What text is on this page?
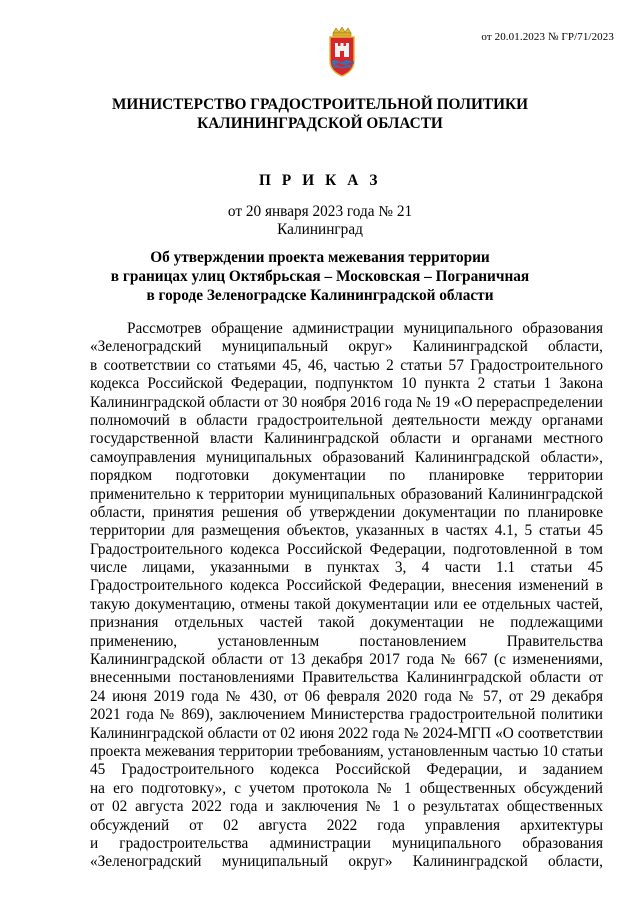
от 20.01.2023 № ГР/71/2023
МИНИСТЕРСТВО ГРАДОСТРОИТЕЛЬНОЙ ПОЛИТИКИ
КАЛИНИНГРАДСКОЙ ОБЛАСТИ
П Р И К А З
от 20 января 2023 года № 21
Калининград
Об утверждении проекта межевания территории
в границах улиц Октябрьская – Московская – Пограничная
в городе Зеленоградске Калининградской области
Рассмотрев обращение администрации муниципального образования
«Зеленоградский муниципальный округ» Калининградской области,
в соответствии со статьями 45, 46, частью 2 статьи 57 Градостроительного
кодекса Российской Федерации, подпунктом 10 пункта 2 статьи 1 Закона
Калининградской области от 30 ноября 2016 года № 19 «О перераспределении
полномочий в области градостроительной деятельности между органами
государственной власти Калининградской области и органами местного
самоуправления муниципальных образований Калининградской области»,
порядком подготовки документации по планировке территории
применительно к территории муниципальных образований Калининградской
области, принятия решения об утверждении документации по планировке
территории для размещения объектов, указанных в частях 4.1, 5 статьи 45
Градостроительного кодекса Российской Федерации, подготовленной в том
числе лицами, указанными в пунктах 3, 4 части 1.1 статьи 45
Градостроительного кодекса Российской Федерации, внесения изменений в
такую документацию, отмены такой документации или ее отдельных частей,
признания отдельных частей такой документации не подлежащими
применению, установленным постановлением Правительства
Калининградской области от 13 декабря 2017 года № 667 (с изменениями,
внесенными постановлениями Правительства Калининградской области от
24 июня 2019 года № 430, от 06 февраля 2020 года № 57, от 29 декабря
2021 года № 869), заключением Министерства градостроительной политики
Калининградской области от 02 июня 2022 года № 2024-МГП «О соответствии
проекта межевания территории требованиям, установленным частью 10 статьи
45 Градостроительного кодекса Российской Федерации, и заданием
на его подготовку», с учетом протокола № 1 общественных обсуждений
от 02 августа 2022 года и заключения № 1 о результатах общественных
обсуждений от 02 августа 2022 года управления архитектуры
и градостроительства администрации муниципального образования
«Зеленоградский муниципальный округ» Калининградской области,
